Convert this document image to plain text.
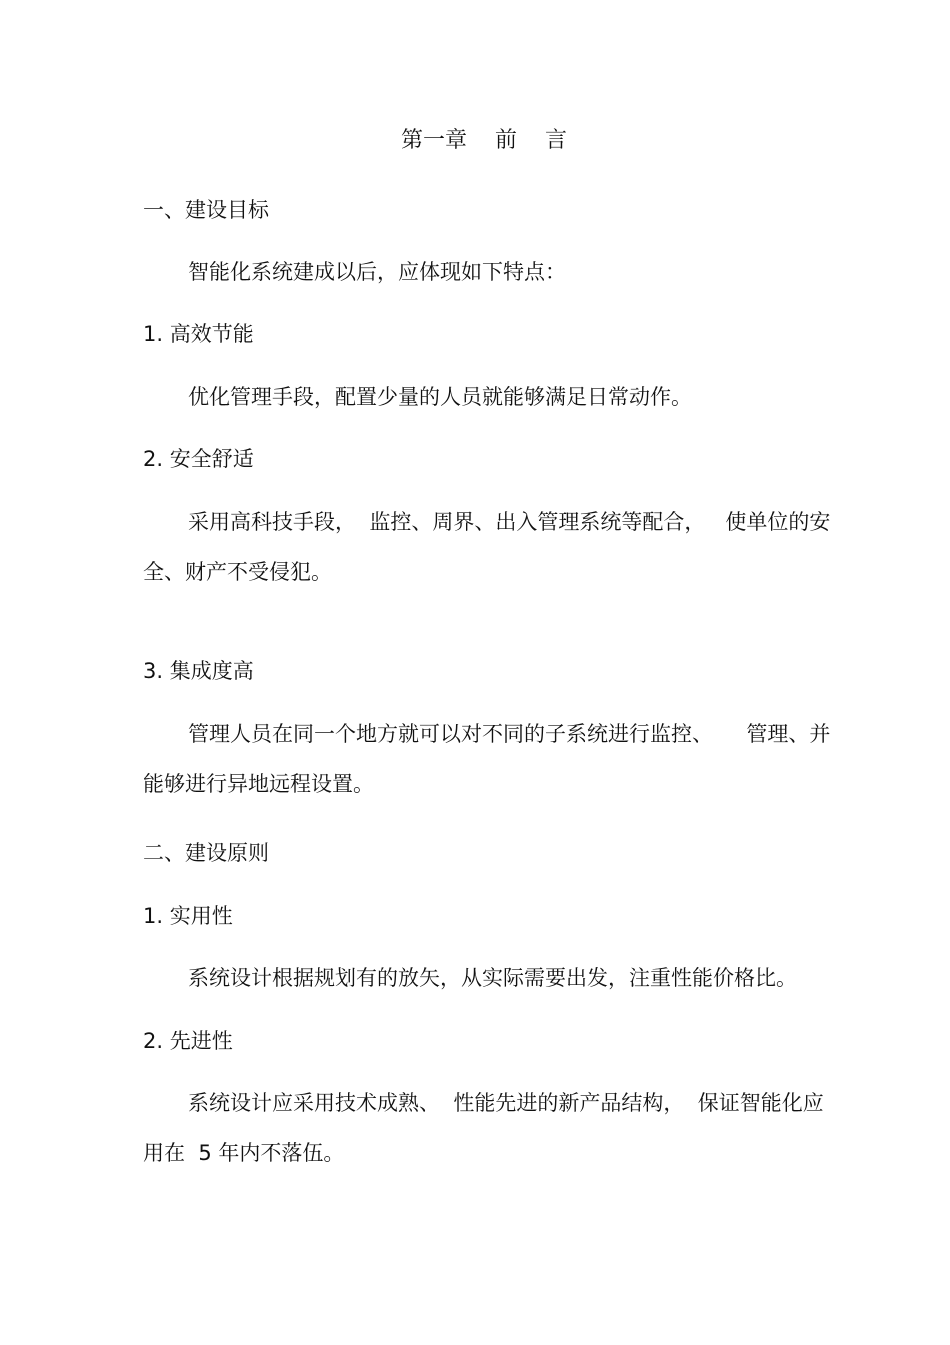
第一章    前    言
一、建设目标
智能化系统建成以后，应体现如下特点：
1. 高效节能
优化管理手段，配置少量的人员就能够满足日常动作。
2. 安全舒适
采用高科技手段，  监控、周界、出入管理系统等配合，   使单位的安
全、财产不受侵犯。
3. 集成度高
管理人员在同一个地方就可以对不同的子系统进行监控、     管理、并
能够进行异地远程设置。
二、建设原则
1. 实用性
系统设计根据规划有的放矢，从实际需要出发，注重性能价格比。
2. 先进性
系统设计应采用技术成熟、  性能先进的新产品结构，  保证智能化应
用在  5 年内不落伍。
